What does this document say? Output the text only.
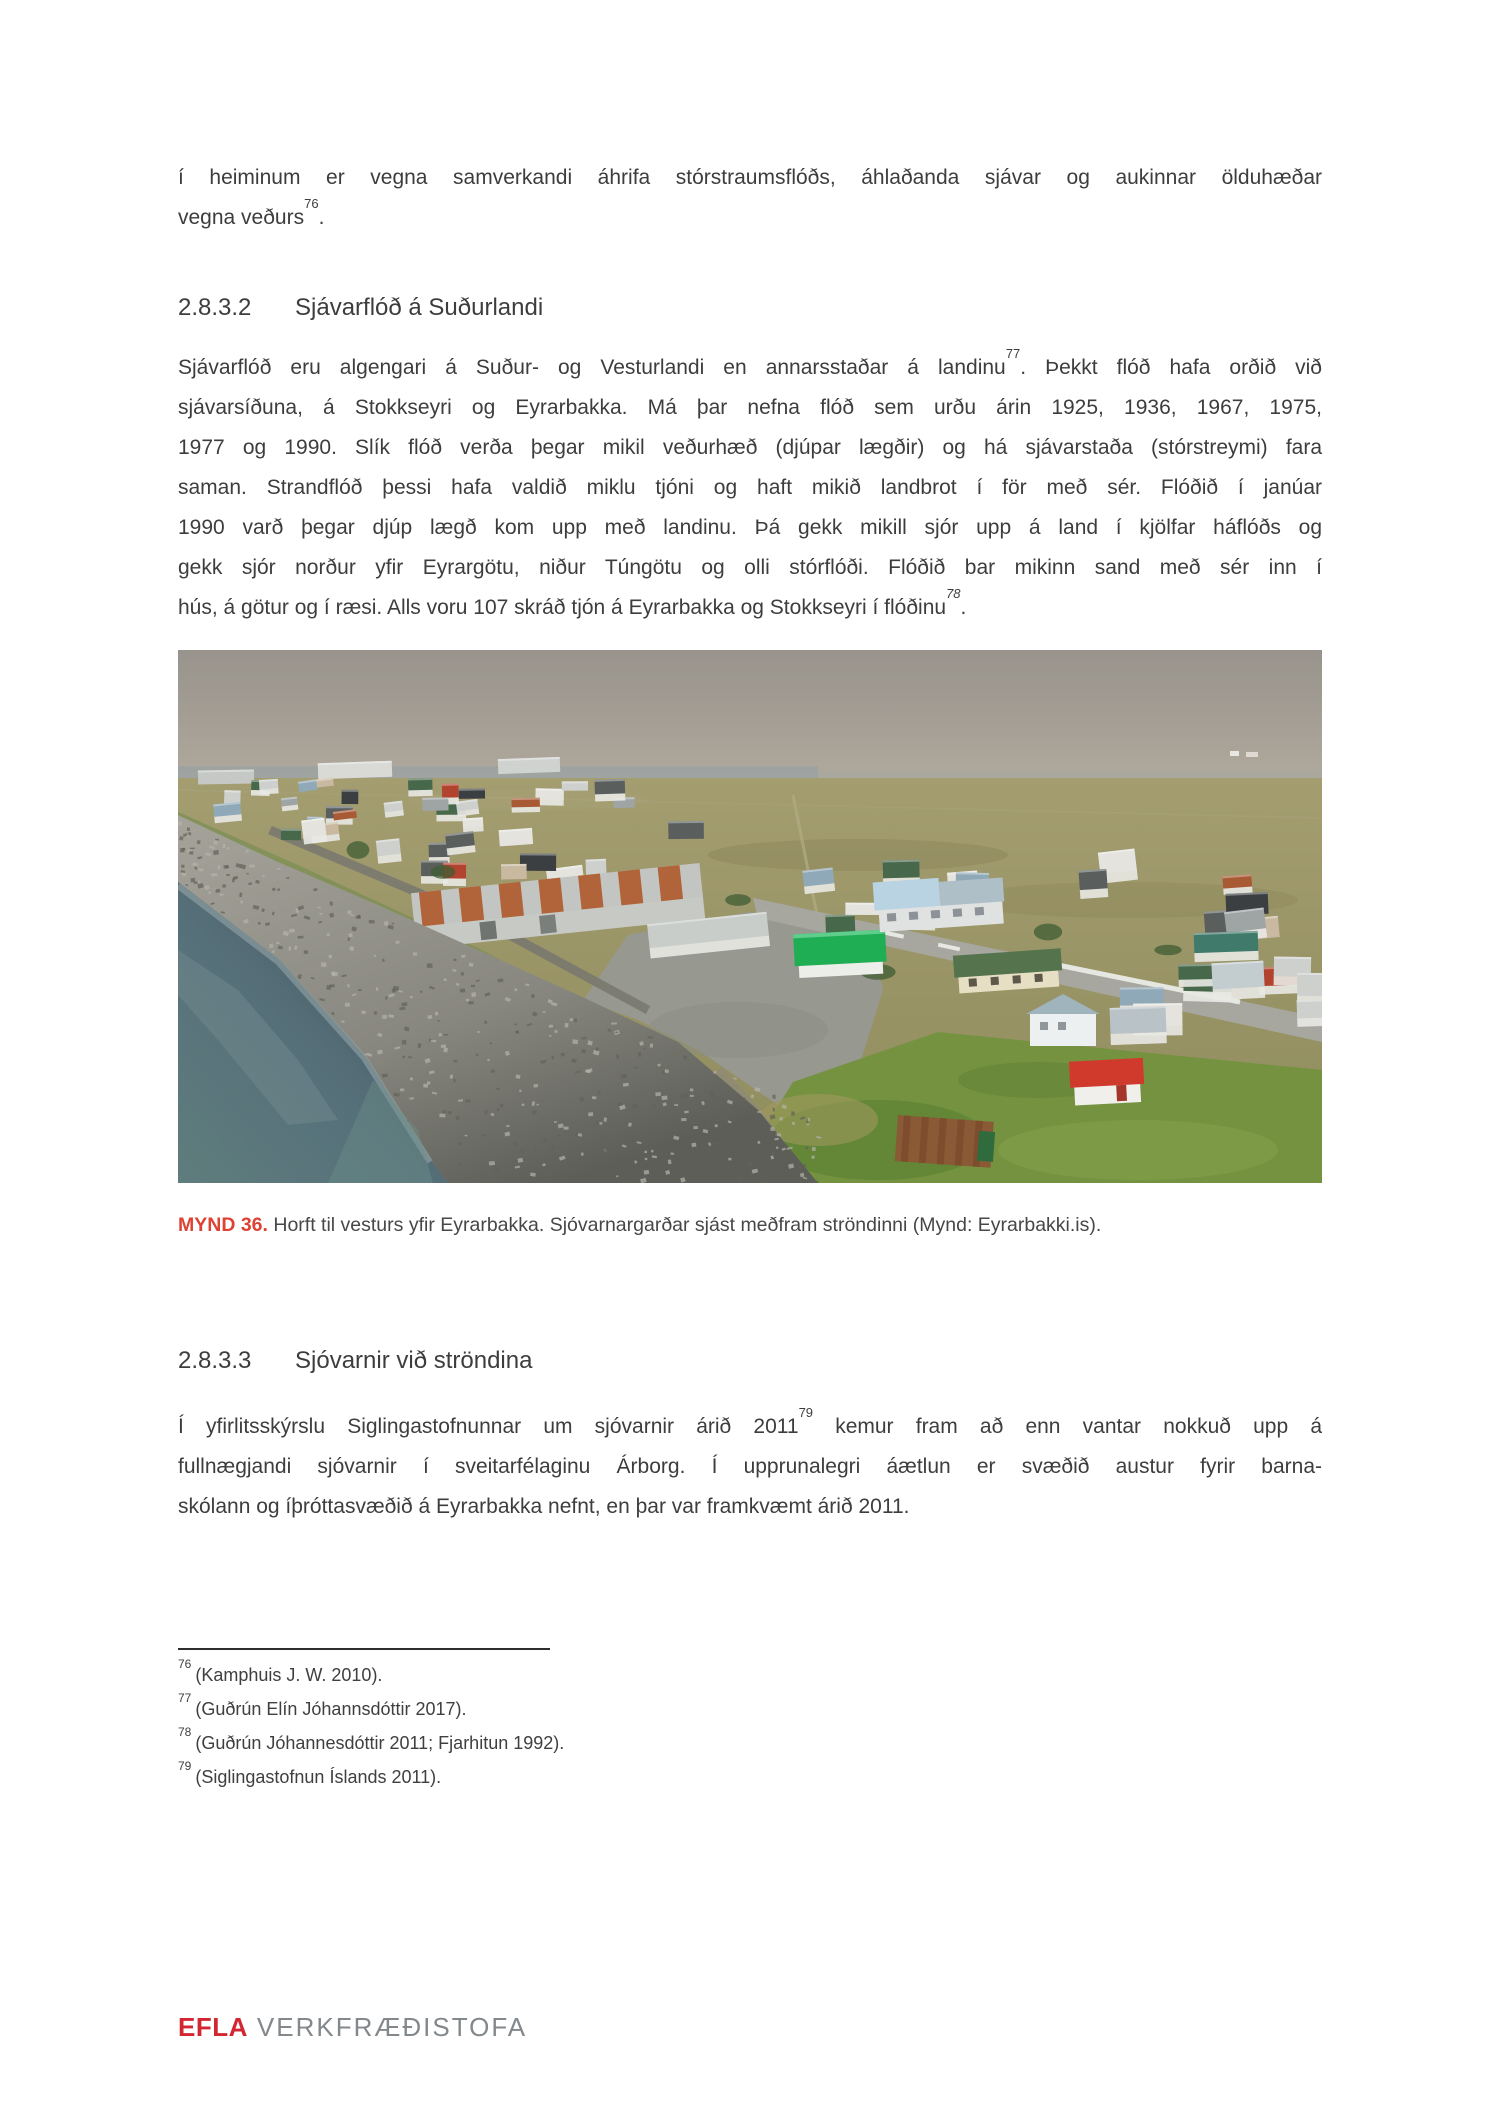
í heiminum er vegna samverkandi áhrifa stórstraumsflóðs, áhlaðanda sjávar og aukinnar ölduhæðar
vegna veðurs$^{76}$.
2.8.3.2	Sjávarflóð á Suðurlandi
Sjávarflóð eru algengari á Suður- og Vesturlandi en annarsstaðar á landinu$^{77}$. Þekkt flóð hafa orðið við
sjávarsíðuna, á Stokkseyri og Eyrarbakka. Má þar nefna flóð sem urðu árin 1925, 1936, 1967, 1975,
1977 og 1990. Slík flóð verða þegar mikil veðurhæð (djúpar lægðir) og há sjávarstaða (stórstreymi) fara
saman. Strandflóð þessi hafa valdið miklu tjóni og haft mikið landbrot í för með sér. Flóðið í janúar
1990 varð þegar djúp lægð kom upp með landinu. Þá gekk mikill sjór upp á land í kjölfar háflóðs og
gekk sjór norður yfir Eyrargötu, niður Túngötu og olli stórflóði. Flóðið bar mikinn sand með sér inn í
hús, á götur og í ræsi. Alls voru 107 skráð tjón á Eyrarbakka og Stokkseyri í flóðinu$^{78}$.
MYND 36. Horft til vesturs yfir Eyrarbakka. Sjóvarnargarðar sjást meðfram ströndinni (Mynd: Eyrarbakki.is).
2.8.3.3	Sjóvarnir við ströndina
Í yfirlitsskýrslu Siglingastofnunnar um sjóvarnir árið 2011$^{79}$ kemur fram að enn vantar nokkuð upp á
fullnægjandi sjóvarnir í sveitarfélaginu Árborg. Í upprunalegri áætlun er svæðið austur fyrir barna-
skólann og íþróttasvæðið á Eyrarbakka nefnt, en þar var framkvæmt árið 2011.
$^{76}$(Kamphuis J. W. 2010).
$^{77}$(Guðrún Elín Jóhannsdóttir 2017).
$^{78}$(Guðrún Jóhannesdóttir 2011; Fjarhitun 1992).
$^{79}$(Siglingastofnun Íslands 2011).
EFLA VERKFRÆÐISTOFA
